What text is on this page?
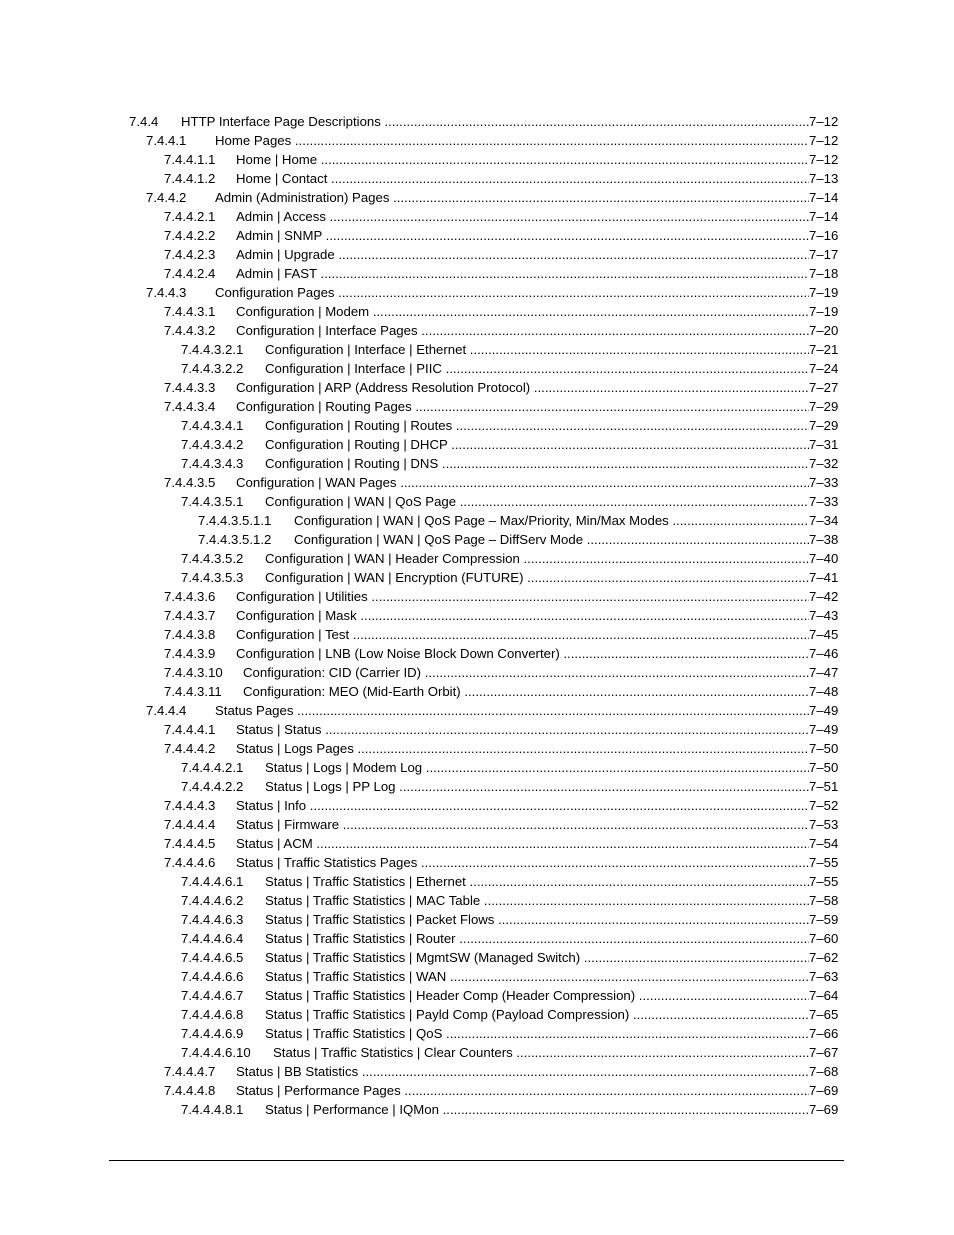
7.4.4 HTTP Interface Page Descriptions .....	7–12
7.4.4.1 Home Pages .....	7–12
7.4.4.1.1 Home | Home .....	7–12
7.4.4.1.2 Home | Contact .....	7–13
7.4.4.2 Admin (Administration) Pages .....	7–14
7.4.4.2.1 Admin | Access .....	7–14
7.4.4.2.2 Admin | SNMP .....	7–16
7.4.4.2.3 Admin | Upgrade .....	7–17
7.4.4.2.4 Admin | FAST .....	7–18
7.4.4.3 Configuration Pages .....	7–19
7.4.4.3.1 Configuration | Modem .....	7–19
7.4.4.3.2 Configuration | Interface Pages .....	7–20
7.4.4.3.2.1 Configuration | Interface | Ethernet .....	7–21
7.4.4.3.2.2 Configuration | Interface | PIIC .....	7–24
7.4.4.3.3 Configuration | ARP (Address Resolution Protocol) .....	7–27
7.4.4.3.4 Configuration | Routing Pages .....	7–29
7.4.4.3.4.1 Configuration | Routing | Routes .....	7–29
7.4.4.3.4.2 Configuration | Routing | DHCP .....	7–31
7.4.4.3.4.3 Configuration | Routing | DNS .....	7–32
7.4.4.3.5 Configuration | WAN Pages .....	7–33
7.4.4.3.5.1 Configuration | WAN | QoS Page .....	7–33
7.4.4.3.5.1.1 Configuration | WAN | QoS Page – Max/Priority, Min/Max Modes .....	7–34
7.4.4.3.5.1.2 Configuration | WAN | QoS Page – DiffServ Mode .....	7–38
7.4.4.3.5.2 Configuration | WAN | Header Compression .....	7–40
7.4.4.3.5.3 Configuration | WAN | Encryption (FUTURE) .....	7–41
7.4.4.3.6 Configuration | Utilities .....	7–42
7.4.4.3.7 Configuration | Mask .....	7–43
7.4.4.3.8 Configuration | Test .....	7–45
7.4.4.3.9 Configuration | LNB (Low Noise Block Down Converter) .....	7–46
7.4.4.3.10 Configuration: CID (Carrier ID) .....	7–47
7.4.4.3.11 Configuration: MEO (Mid-Earth Orbit) .....	7–48
7.4.4.4 Status Pages .....	7–49
7.4.4.4.1 Status | Status .....	7–49
7.4.4.4.2 Status | Logs Pages .....	7–50
7.4.4.4.2.1 Status | Logs | Modem Log .....	7–50
7.4.4.4.2.2 Status | Logs | PP Log .....	7–51
7.4.4.4.3 Status | Info .....	7–52
7.4.4.4.4 Status | Firmware .....	7–53
7.4.4.4.5 Status | ACM .....	7–54
7.4.4.4.6 Status | Traffic Statistics Pages .....	7–55
7.4.4.4.6.1 Status | Traffic Statistics | Ethernet .....	7–55
7.4.4.4.6.2 Status | Traffic Statistics | MAC Table .....	7–58
7.4.4.4.6.3 Status | Traffic Statistics | Packet Flows .....	7–59
7.4.4.4.6.4 Status | Traffic Statistics | Router .....	7–60
7.4.4.4.6.5 Status | Traffic Statistics | MgmtSW (Managed Switch) .....	7–62
7.4.4.4.6.6 Status | Traffic Statistics | WAN .....	7–63
7.4.4.4.6.7 Status | Traffic Statistics | Header Comp (Header Compression) .....	7–64
7.4.4.4.6.8 Status | Traffic Statistics | Payld Comp (Payload Compression) .....	7–65
7.4.4.4.6.9 Status | Traffic Statistics | QoS .....	7–66
7.4.4.4.6.10 Status | Traffic Statistics | Clear Counters .....	7–67
7.4.4.4.7 Status | BB Statistics .....	7–68
7.4.4.4.8 Status | Performance Pages .....	7–69
7.4.4.4.8.1 Status | Performance | IQMon .....	7–69
